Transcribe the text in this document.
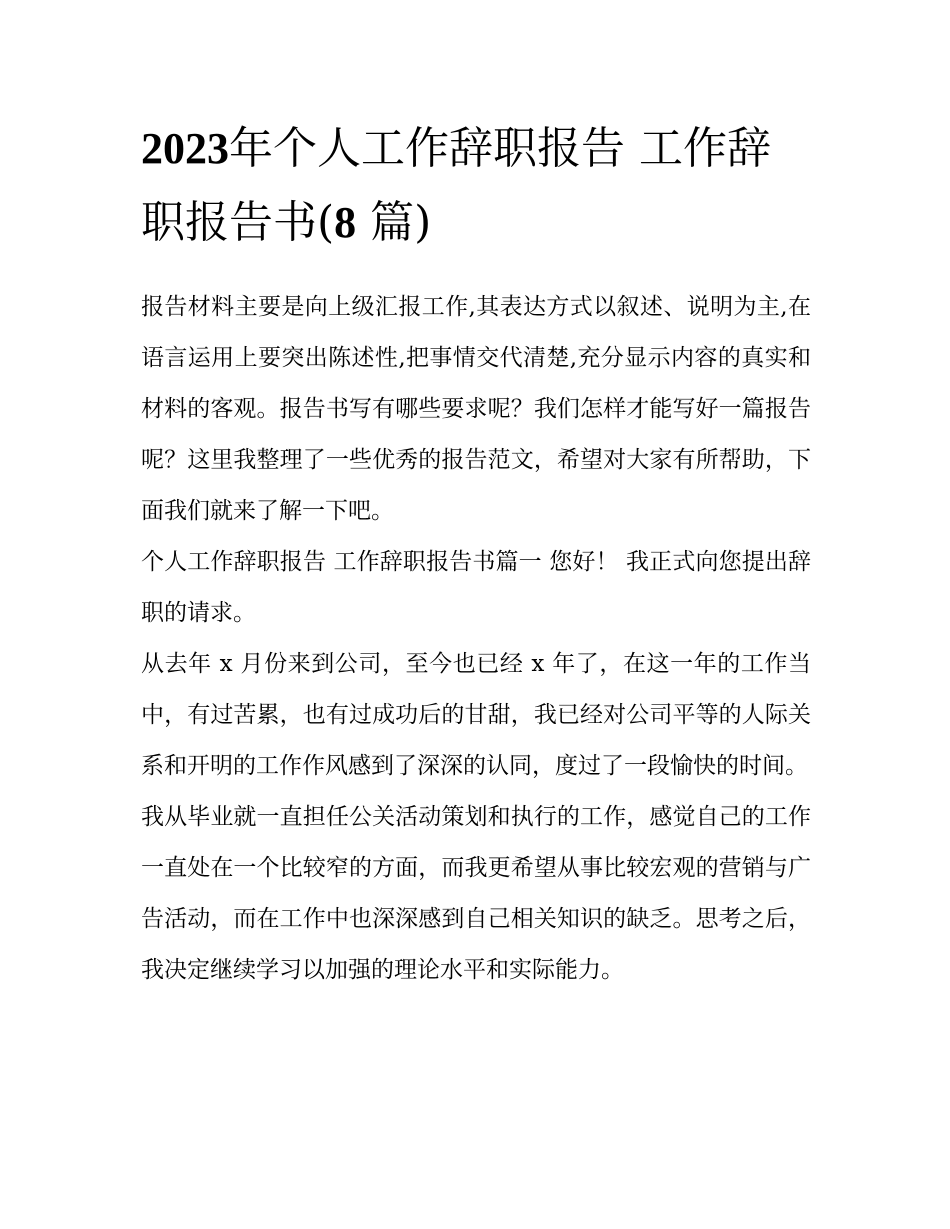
2023年个人工作辞职报告 工作辞职报告书(8 篇)

报告材料主要是向上级汇报工作,其表达方式以叙述、说明为主,在语言运用上要突出陈述性,把事情交代清楚,充分显示内容的真实和材料的客观。报告书写有哪些要求呢？我们怎样才能写好一篇报告呢？这里我整理了一些优秀的报告范文，希望对大家有所帮助，下面我们就来了解一下吧。

个人工作辞职报告 工作辞职报告书篇一 您好！ 我正式向您提出辞职的请求。

从去年 x 月份来到公司，至今也已经 x 年了，在这一年的工作当中，有过苦累，也有过成功后的甘甜，我已经对公司平等的人际关系和开明的工作作风感到了深深的认同，度过了一段愉快的时间。

我从毕业就一直担任公关活动策划和执行的工作，感觉自己的工作一直处在一个比较窄的方面，而我更希望从事比较宏观的营销与广告活动，而在工作中也深深感到自己相关知识的缺乏。思考之后，我决定继续学习以加强的理论水平和实际能力。
